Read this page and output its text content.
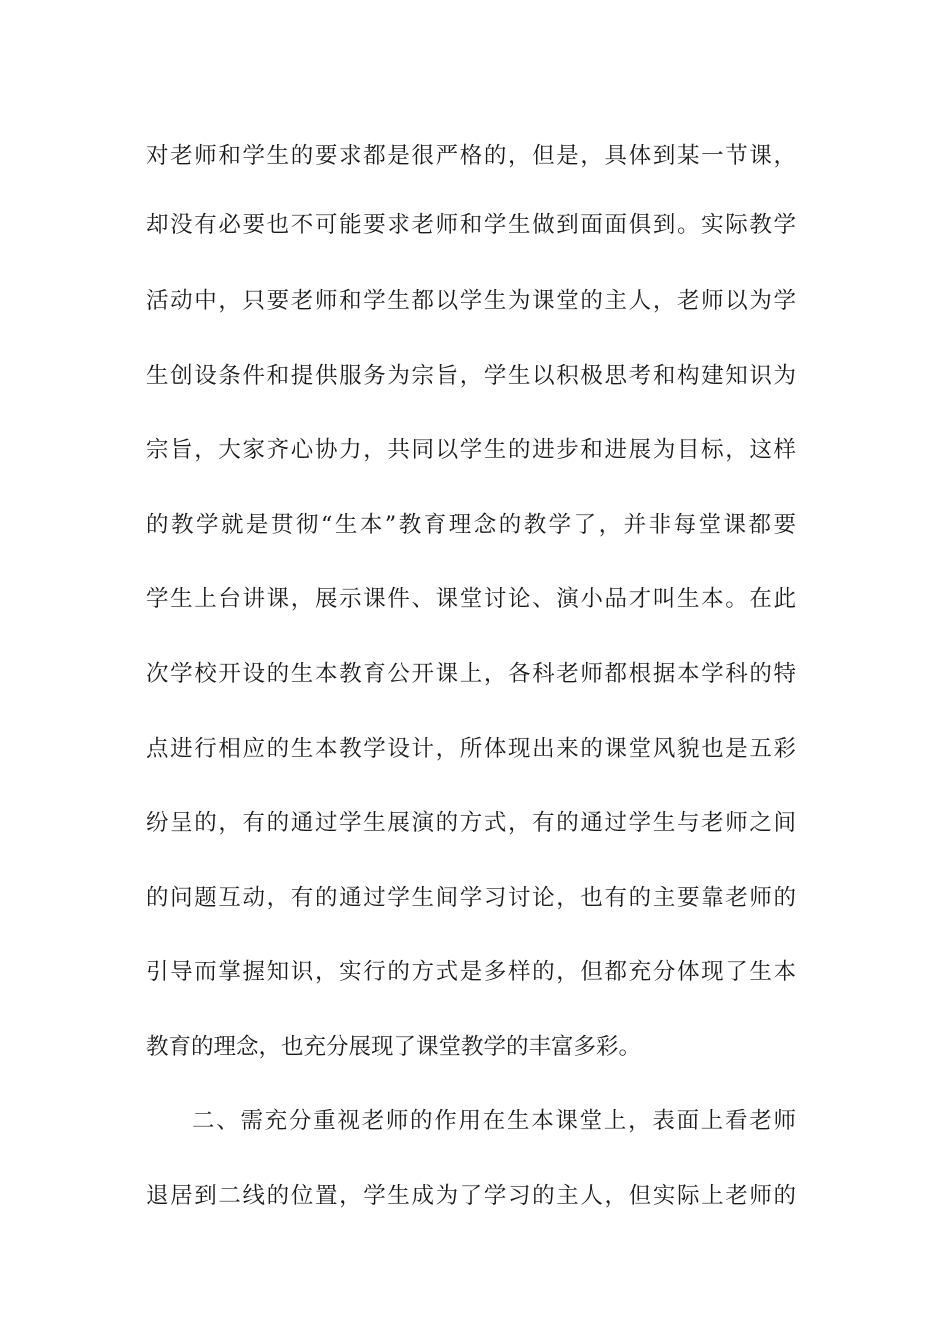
对老师和学生的要求都是很严格的，但是，具体到某一节课，
却没有必要也不可能要求老师和学生做到面面俱到。实际教学
活动中，只要老师和学生都以学生为课堂的主人，老师以为学
生创设条件和提供服务为宗旨，学生以积极思考和构建知识为
宗旨，大家齐心协力，共同以学生的进步和进展为目标，这样
的教学就是贯彻“生本”教育理念的教学了，并非每堂课都要
学生上台讲课，展示课件、课堂讨论、演小品才叫生本。在此
次学校开设的生本教育公开课上，各科老师都根据本学科的特
点进行相应的生本教学设计，所体现出来的课堂风貌也是五彩
纷呈的，有的通过学生展演的方式，有的通过学生与老师之间
的问题互动，有的通过学生间学习讨论，也有的主要靠老师的
引导而掌握知识，实行的方式是多样的，但都充分体现了生本
教育的理念，也充分展现了课堂教学的丰富多彩。
二、需充分重视老师的作用在生本课堂上，表面上看老师
退居到二线的位置，学生成为了学习的主人，但实际上老师的
